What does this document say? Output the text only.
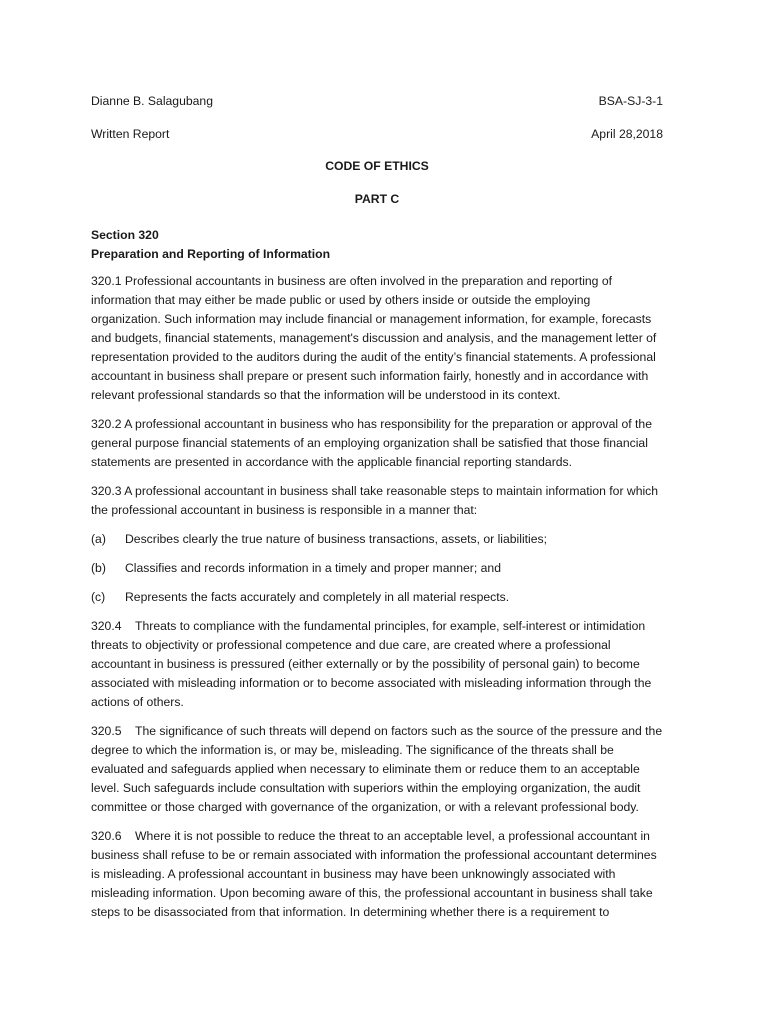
Dianne B. Salagubang	BSA-SJ-3-1
Written Report	April 28,2018
CODE OF ETHICS
PART C
Section 320
Preparation and Reporting of Information

320.1 Professional accountants in business are often involved in the preparation and reporting of information that may either be made public or used by others inside or outside the employing organization. Such information may include financial or management information, for example, forecasts and budgets, financial statements, management's discussion and analysis, and the management letter of representation provided to the auditors during the audit of the entity’s financial statements. A professional accountant in business shall prepare or present such information fairly, honestly and in accordance with relevant professional standards so that the information will be understood in its context.

320.2 A professional accountant in business who has responsibility for the preparation or approval of the general purpose financial statements of an employing organization shall be satisfied that those financial statements are presented in accordance with the applicable financial reporting standards.

320.3 A professional accountant in business shall take reasonable steps to maintain information for which the professional accountant in business is responsible in a manner that:

(a)	Describes clearly the true nature of business transactions, assets, or liabilities;
(b)	Classifies and records information in a timely and proper manner; and
(c)	Represents the facts accurately and completely in all material respects.

320.4    Threats to compliance with the fundamental principles, for example, self-interest or intimidation threats to objectivity or professional competence and due care, are created where a professional accountant in business is pressured (either externally or by the possibility of personal gain) to become associated with misleading information or to become associated with misleading information through the actions of others.

320.5    The significance of such threats will depend on factors such as the source of the pressure and the degree to which the information is, or may be, misleading. The significance of the threats shall be evaluated and safeguards applied when necessary to eliminate them or reduce them to an acceptable level. Such safeguards include consultation with superiors within the employing organization, the audit committee or those charged with governance of the organization, or with a relevant professional body.

320.6    Where it is not possible to reduce the threat to an acceptable level, a professional accountant in business shall refuse to be or remain associated with information the professional accountant determines is misleading. A professional accountant in business may have been unknowingly associated with misleading information. Upon becoming aware of this, the professional accountant in business shall take steps to be disassociated from that information. In determining whether there is a requirement to
